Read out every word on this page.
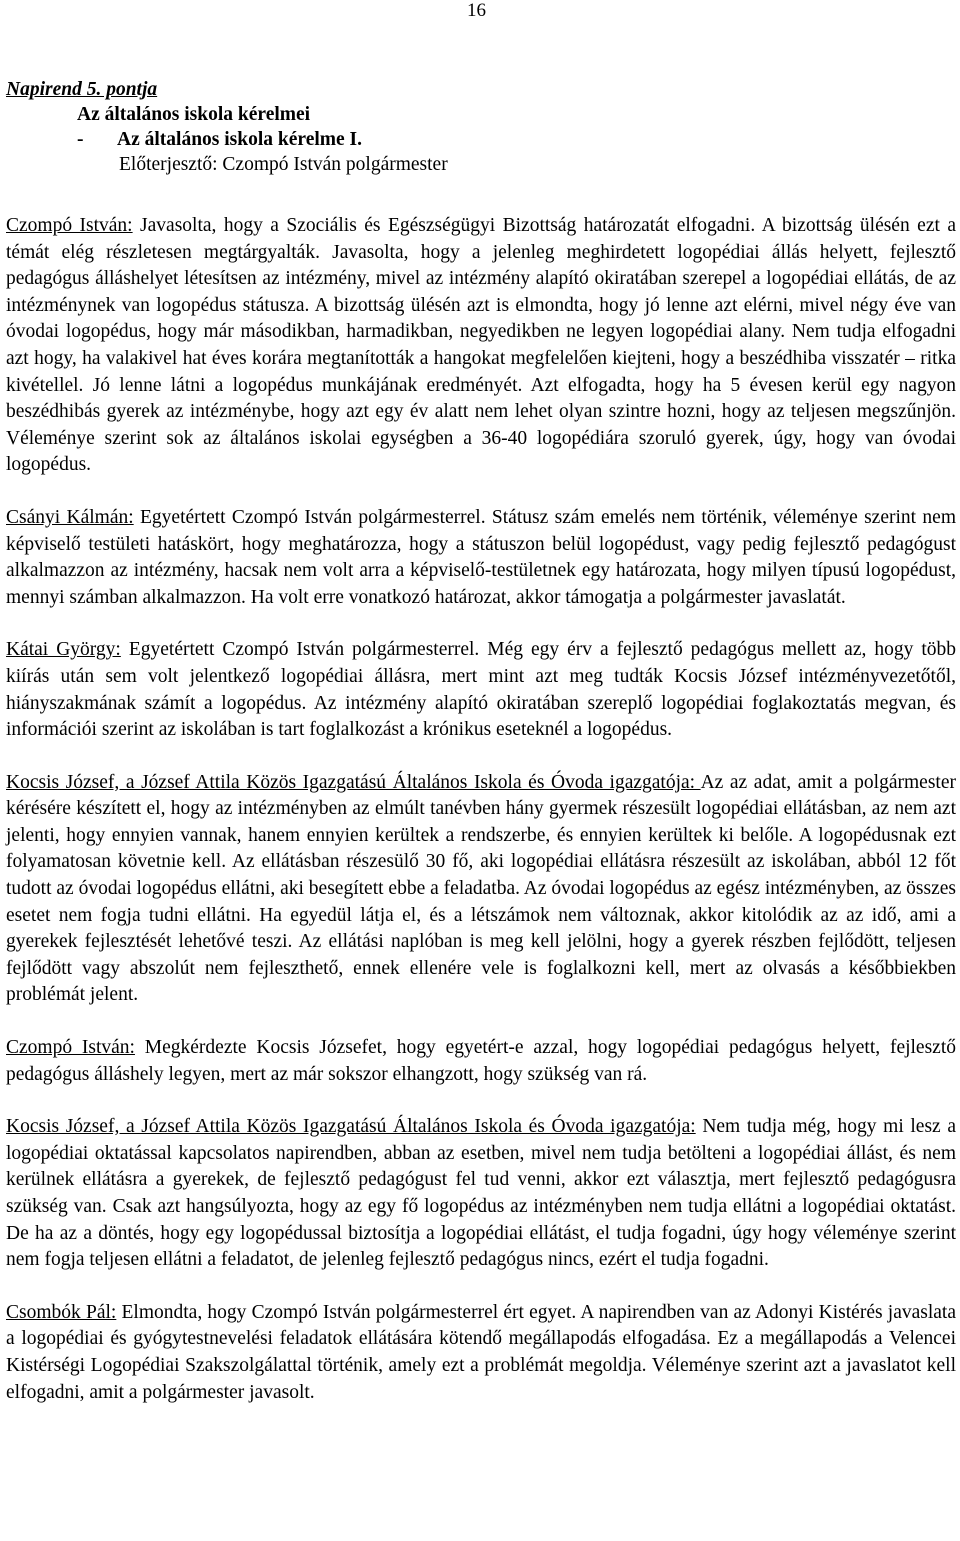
16
Napirend 5. pontja
Az általános iskola kérelmei
- Az általános iskola kérelme I.
Előterjesztő: Czompó István polgármester

Czompó István: Javasolta, hogy a Szociális és Egészségügyi Bizottság határozatát elfogadni. A bizottság ülésén ezt a témát elég részletesen megtárgyalták. Javasolta, hogy a jelenleg meghirdetett logopédiai állás helyett, fejlesztő pedagógus álláshelyet létesítsen az intézmény, mivel az intézmény alapító okiratában szerepel a logopédiai ellátás, de az intézménynek van logopédus státusza. A bizottság ülésén azt is elmondta, hogy jó lenne azt elérni, mivel négy éve van óvodai logopédus, hogy már másodikban, harmadikban, negyedikben ne legyen logopédiai alany. Nem tudja elfogadni azt hogy, ha valakivel hat éves korára megtanították a hangokat megfelelően kiejteni, hogy a beszédhiba visszatér – ritka kivétellel. Jó lenne látni a logopédus munkájának eredményét. Azt elfogadta, hogy ha 5 évesen kerül egy nagyon beszédhibás gyerek az intézménybe, hogy azt egy év alatt nem lehet olyan szintre hozni, hogy az teljesen megszűnjön. Véleménye szerint sok az általános iskolai egységben a 36-40 logopédiára szoruló gyerek, úgy, hogy van óvodai logopédus.

Csányi Kálmán: Egyetértett Czompó István polgármesterrel. Státusz szám emelés nem történik, véleménye szerint nem képviselő testületi hatáskört, hogy meghatározza, hogy a státuszon belül logopédust, vagy pedig fejlesztő pedagógust alkalmazzon az intézmény, hacsak nem volt arra a képviselő-testületnek egy határozata, hogy milyen típusú logopédust, mennyi számban alkalmazzon. Ha volt erre vonatkozó határozat, akkor támogatja a polgármester javaslatát.

Kátai György: Egyetértett Czompó István polgármesterrel. Még egy érv a fejlesztő pedagógus mellett az, hogy több kiírás után sem volt jelentkező logopédiai állásra, mert mint azt meg tudták Kocsis József intézményvezetőtől, hiányszakmának számít a logopédus. Az intézmény alapító okiratában szereplő logopédiai foglakoztatás megvan, és információi szerint az iskolában is tart foglalkozást a krónikus eseteknél a logopédus.

Kocsis József, a József Attila Közös Igazgatású Általános Iskola és Óvoda igazgatója: Az az adat, amit a polgármester kérésére készített el, hogy az intézményben az elmúlt tanévben hány gyermek részesült logopédiai ellátásban, az nem azt jelenti, hogy ennyien vannak, hanem ennyien kerültek a rendszerbe, és ennyien kerültek ki belőle. A logopédusnak ezt folyamatosan követnie kell. Az ellátásban részesülő 30 fő, aki logopédiai ellátásra részesült az iskolában, abból 12 főt tudott az óvodai logopédus ellátni, aki besegített ebbe a feladatba. Az óvodai logopédus az egész intézményben, az összes esetet nem fogja tudni ellátni. Ha egyedül látja el, és a létszámok nem változnak, akkor kitolódik az az idő, ami a gyerekek fejlesztését lehetővé teszi. Az ellátási naplóban is meg kell jelölni, hogy a gyerek részben fejlődött, teljesen fejlődött vagy abszolút nem fejleszthető, ennek ellenére vele is foglalkozni kell, mert az olvasás a későbbiekben problémát jelent.

Czompó István: Megkérdezte Kocsis Józsefet, hogy egyetért-e azzal, hogy logopédiai pedagógus helyett, fejlesztő pedagógus álláshely legyen, mert az már sokszor elhangzott, hogy szükség van rá.

Kocsis József, a József Attila Közös Igazgatású Általános Iskola és Óvoda igazgatója: Nem tudja még, hogy mi lesz a logopédiai oktatással kapcsolatos napirendben, abban az esetben, mivel nem tudja betölteni a logopédiai állást, és nem kerülnek ellátásra a gyerekek, de fejlesztő pedagógust fel tud venni, akkor ezt választja, mert fejlesztő pedagógusra szükség van. Csak azt hangsúlyozta, hogy az egy fő logopédus az intézményben nem tudja ellátni a logopédiai oktatást. De ha az a döntés, hogy egy logopédussal biztosítja a logopédiai ellátást, el tudja fogadni, úgy hogy véleménye szerint nem fogja teljesen ellátni a feladatot, de jelenleg fejlesztő pedagógus nincs, ezért el tudja fogadni.

Csombók Pál: Elmondta, hogy Czompó István polgármesterrel ért egyet. A napirendben van az Adonyi Kistérés javaslata a logopédiai és gyógytestnevelési feladatok ellátására kötendő megállapodás elfogadása. Ez a megállapodás a Velencei Kistérségi Logopédiai Szakszolgálattal történik, amely ezt a problémát megoldja. Véleménye szerint azt a javaslatot kell elfogadni, amit a polgármester javasolt.
